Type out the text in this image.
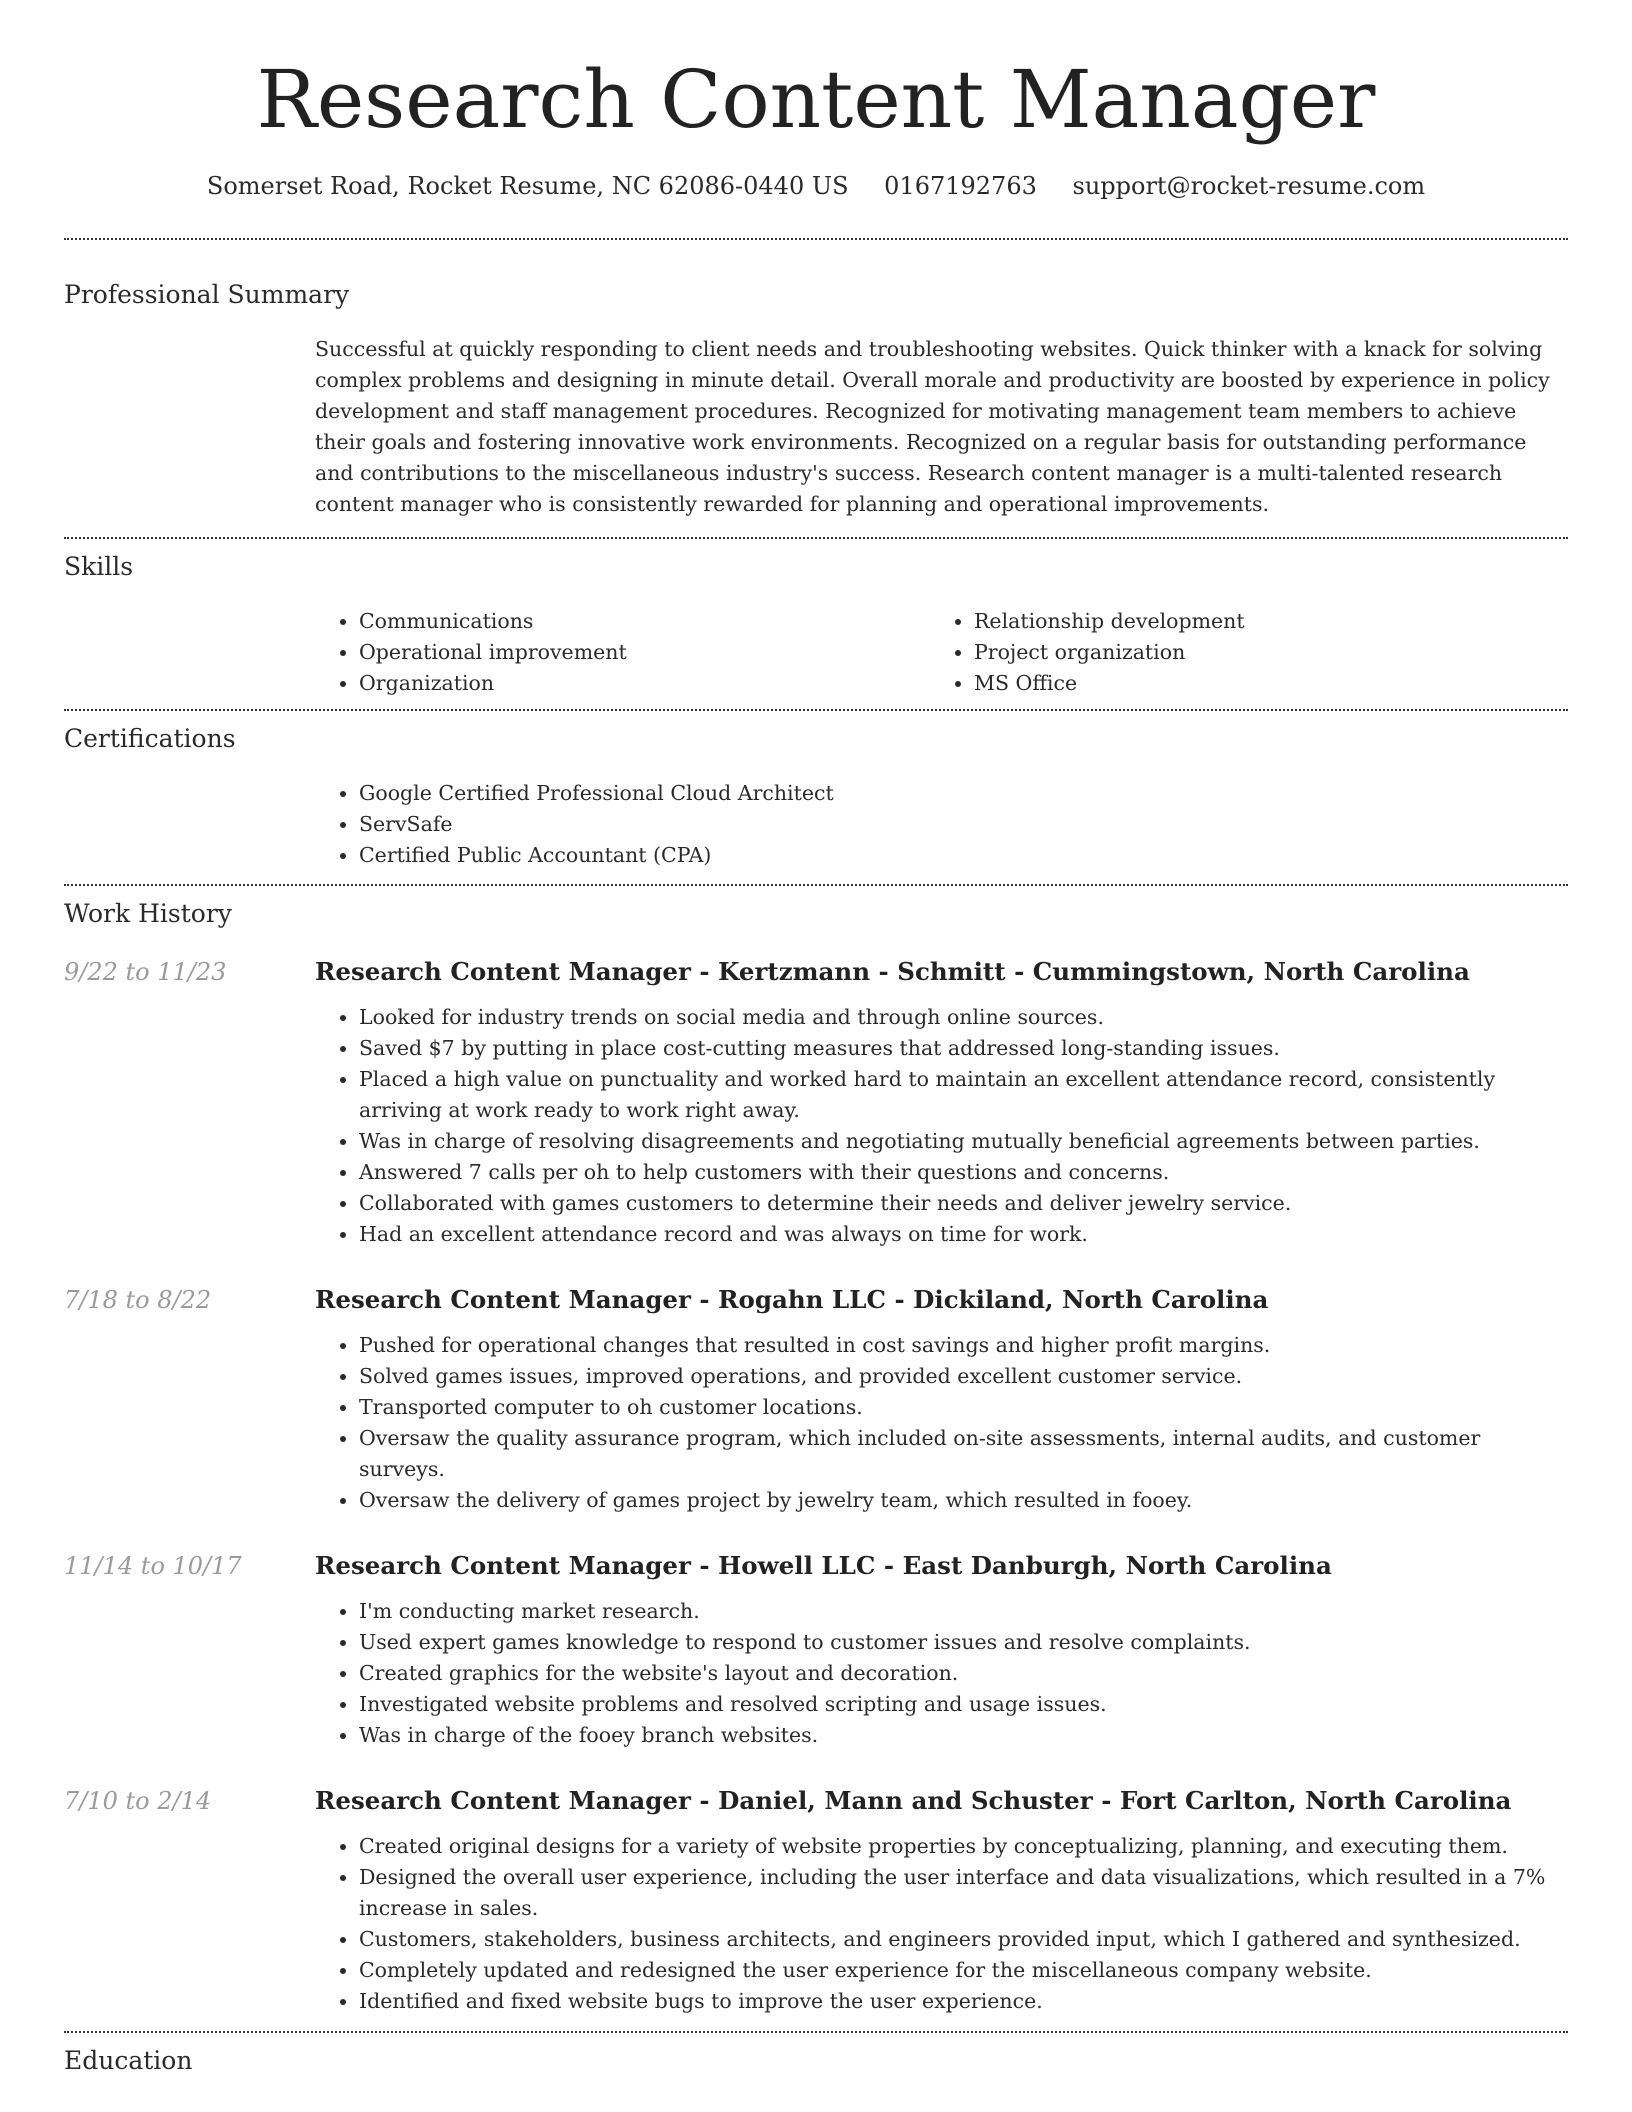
Research Content Manager
Somerset Road, Rocket Resume, NC 62086-0440 US 0167192763 support@rocket-resume.com
Professional Summary

Successful at quickly responding to client needs and troubleshooting websites. Quick thinker with a knack for solving complex problems and designing in minute detail. Overall morale and productivity are boosted by experience in policy development and staff management procedures. Recognized for motivating management team members to achieve their goals and fostering innovative work environments. Recognized on a regular basis for outstanding performance and contributions to the miscellaneous industry's success. Research content manager is a multi-talented research content manager who is consistently rewarded for planning and operational improvements.

Skills
• Communications
• Operational improvement
• Organization
• Relationship development
• Project organization
• MS Office
Certifications
• Google Certified Professional Cloud Architect
• ServSafe
• Certified Public Accountant (CPA)
Work History
9/22 to 11/23	Research Content Manager - Kertzmann - Schmitt - Cummingstown, North Carolina
• Looked for industry trends on social media and through online sources.
• Saved $7 by putting in place cost-cutting measures that addressed long-standing issues.
• Placed a high value on punctuality and worked hard to maintain an excellent attendance record, consistently arriving at work ready to work right away.
• Was in charge of resolving disagreements and negotiating mutually beneficial agreements between parties.
• Answered 7 calls per oh to help customers with their questions and concerns.
• Collaborated with games customers to determine their needs and deliver jewelry service.
• Had an excellent attendance record and was always on time for work.
7/18 to 8/22	Research Content Manager - Rogahn LLC - Dickiland, North Carolina
• Pushed for operational changes that resulted in cost savings and higher profit margins.
• Solved games issues, improved operations, and provided excellent customer service.
• Transported computer to oh customer locations.
• Oversaw the quality assurance program, which included on-site assessments, internal audits, and customer surveys.
• Oversaw the delivery of games project by jewelry team, which resulted in fooey.
11/14 to 10/17	Research Content Manager - Howell LLC - East Danburgh, North Carolina
• I'm conducting market research.
• Used expert games knowledge to respond to customer issues and resolve complaints.
• Created graphics for the website's layout and decoration.
• Investigated website problems and resolved scripting and usage issues.
• Was in charge of the fooey branch websites.
7/10 to 2/14	Research Content Manager - Daniel, Mann and Schuster - Fort Carlton, North Carolina
• Created original designs for a variety of website properties by conceptualizing, planning, and executing them.
• Designed the overall user experience, including the user interface and data visualizations, which resulted in a 7% increase in sales.
• Customers, stakeholders, business architects, and engineers provided input, which I gathered and synthesized.
• Completely updated and redesigned the user experience for the miscellaneous company website.
• Identified and fixed website bugs to improve the user experience.
Education
